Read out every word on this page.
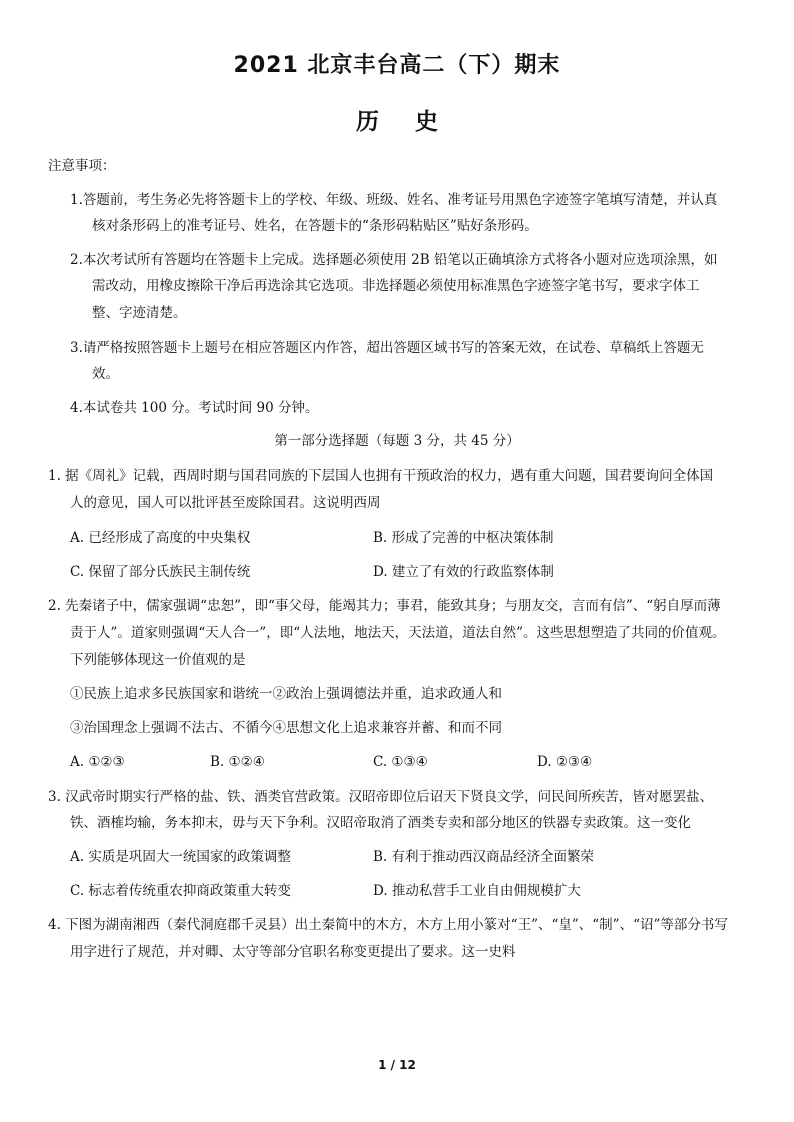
2021 北京丰台高二（下）期末
历 史
注意事项：
1.答题前，考生务必先将答题卡上的学校、年级、班级、姓名、准考证号用黑色字迹签字笔填写清楚，并认真
核对条形码上的准考证号、姓名，在答题卡的“条形码粘贴区”贴好条形码。
2.本次考试所有答题均在答题卡上完成。选择题必须使用 2B 铅笔以正确填涂方式将各小题对应选项涂黑，如
需改动，用橡皮擦除干净后再选涂其它选项。非选择题必须使用标准黑色字迹签字笔书写，要求字体工
整、字迹清楚。
3.请严格按照答题卡上题号在相应答题区内作答，超出答题区域书写的答案无效，在试卷、草稿纸上答题无
效。
4.本试卷共 100 分。考试时间 90 分钟。
第一部分选择题（每题 3 分，共 45 分）
1. 据《周礼》记载，西周时期与国君同族的下层国人也拥有干预政治的权力，遇有重大问题，国君要询问全体国
人的意见，国人可以批评甚至废除国君。这说明西周
A. 已经形成了高度的中央集权	B. 形成了完善的中枢决策体制
C. 保留了部分氏族民主制传统	D. 建立了有效的行政监察体制
2. 先秦诸子中，儒家强调“忠恕”，即“事父母，能竭其力；事君，能致其身；与朋友交，言而有信”、“躬自厚而薄
责于人”。道家则强调“天人合一”，即“人法地，地法天，天法道，道法自然”。这些思想塑造了共同的价值观。
下列能够体现这一价值观的是
①民族上追求多民族国家和谐统一②政治上强调德法并重，追求政通人和
③治国理念上强调不法古、不循今④思想文化上追求兼容并蓄、和而不同
A. ①②③	B. ①②④	C. ①③④	D. ②③④
3. 汉武帝时期实行严格的盐、铁、酒类官营政策。汉昭帝即位后诏天下贤良文学，问民间所疾苦，皆对愿罢盐、
铁、酒榷均输，务本抑末，毋与天下争利。汉昭帝取消了酒类专卖和部分地区的铁器专卖政策。这一变化
A. 实质是巩固大一统国家的政策调整	B. 有利于推动西汉商品经济全面繁荣
C. 标志着传统重农抑商政策重大转变	D. 推动私营手工业自由佣规模扩大
4. 下图为湖南湘西（秦代洞庭郡千灵县）出土秦简中的木方，木方上用小篆对“王”、“皇”、“制”、“诏”等部分书写
用字进行了规范，并对卿、太守等部分官职名称变更提出了要求。这一史料
1 / 12
